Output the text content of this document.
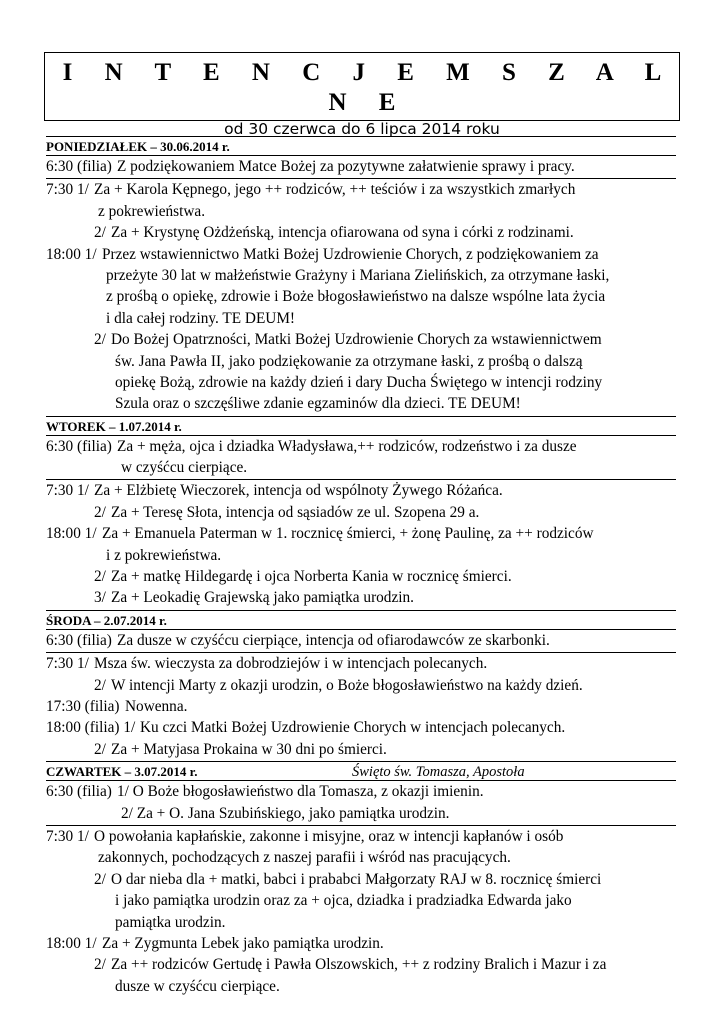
I N T E N C J E M S Z A L N E
od 30 czerwca do 6 lipca 2014 roku
PONIEDZIAŁEK – 30.06.2014 r.
6:30 (filia) Z podziękowaniem Matce Bożej za pozytywne załatwienie sprawy i pracy.
7:30 1/ Za + Karola Kępnego, jego ++ rodziców, ++ teściów i za wszystkich zmarłych
z pokrewieństwa.
2/ Za + Krystynę Ożdżeńską, intencja ofiarowana od syna i córki z rodzinami.
18:00 1/ Przez wstawiennictwo Matki Bożej Uzdrowienie Chorych, z podziękowaniem za
przeżyte 30 lat w małżeństwie Grażyny i Mariana Zielińskich, za otrzymane łaski,
z prośbą o opiekę, zdrowie i Boże błogosławieństwo na dalsze wspólne lata życia
i dla całej rodziny. TE DEUM!
2/ Do Bożej Opatrzności, Matki Bożej Uzdrowienie Chorych za wstawiennictwem
św. Jana Pawła II, jako podziękowanie za otrzymane łaski, z prośbą o dalszą
opiekę Bożą, zdrowie na każdy dzień i dary Ducha Świętego w intencji rodziny
Szula oraz o szczęśliwe zdanie egzaminów dla dzieci. TE DEUM!
WTOREK – 1.07.2014 r.
6:30 (filia) Za + męża, ojca i dziadka Władysława,++ rodziców, rodzeństwo i za dusze
w czyśćcu cierpiące.
7:30 1/ Za + Elżbietę Wieczorek, intencja od wspólnoty Żywego Różańca.
2/ Za + Teresę Słota, intencja od sąsiadów ze ul. Szopena 29 a.
18:00 1/ Za + Emanuela Paterman w 1. rocznicę śmierci, + żonę Paulinę, za ++ rodziców
i z pokrewieństwa.
2/ Za + matkę Hildegardę i ojca Norberta Kania w rocznicę śmierci.
3/ Za + Leokadię Grajewską jako pamiątka urodzin.
ŚRODA – 2.07.2014 r.
6:30 (filia) Za dusze w czyśćcu cierpiące, intencja od ofiarodawców ze skarbonki.
7:30 1/ Msza św. wieczysta za dobrodziejów i w intencjach polecanych.
2/ W intencji Marty z okazji urodzin, o Boże błogosławieństwo na każdy dzień.
17:30 (filia) Nowenna.
18:00 (filia) 1/ Ku czci Matki Bożej Uzdrowienie Chorych w intencjach polecanych.
2/ Za + Matyjasa Prokaina w 30 dni po śmierci.
CZWARTEK – 3.07.2014 r.	Święto św. Tomasza, Apostoła
6:30 (filia) 1/ O Boże błogosławieństwo dla Tomasza, z okazji imienin.
2/ Za + O. Jana Szubińskiego, jako pamiątka urodzin.
7:30 1/ O powołania kapłańskie, zakonne i misyjne, oraz w intencji kapłanów i osób
zakonnych, pochodzących z naszej parafii i wśród nas pracujących.
2/ O dar nieba dla + matki, babci i prababci Małgorzaty RAJ w 8. rocznicę śmierci
i jako pamiątka urodzin oraz za + ojca, dziadka i pradziadka Edwarda jako
pamiątka urodzin.
18:00 1/ Za + Zygmunta Lebek jako pamiątka urodzin.
2/ Za ++ rodziców Gertudę i Pawła Olszowskich, ++ z rodziny Bralich i Mazur i za
dusze w czyśćcu cierpiące.
